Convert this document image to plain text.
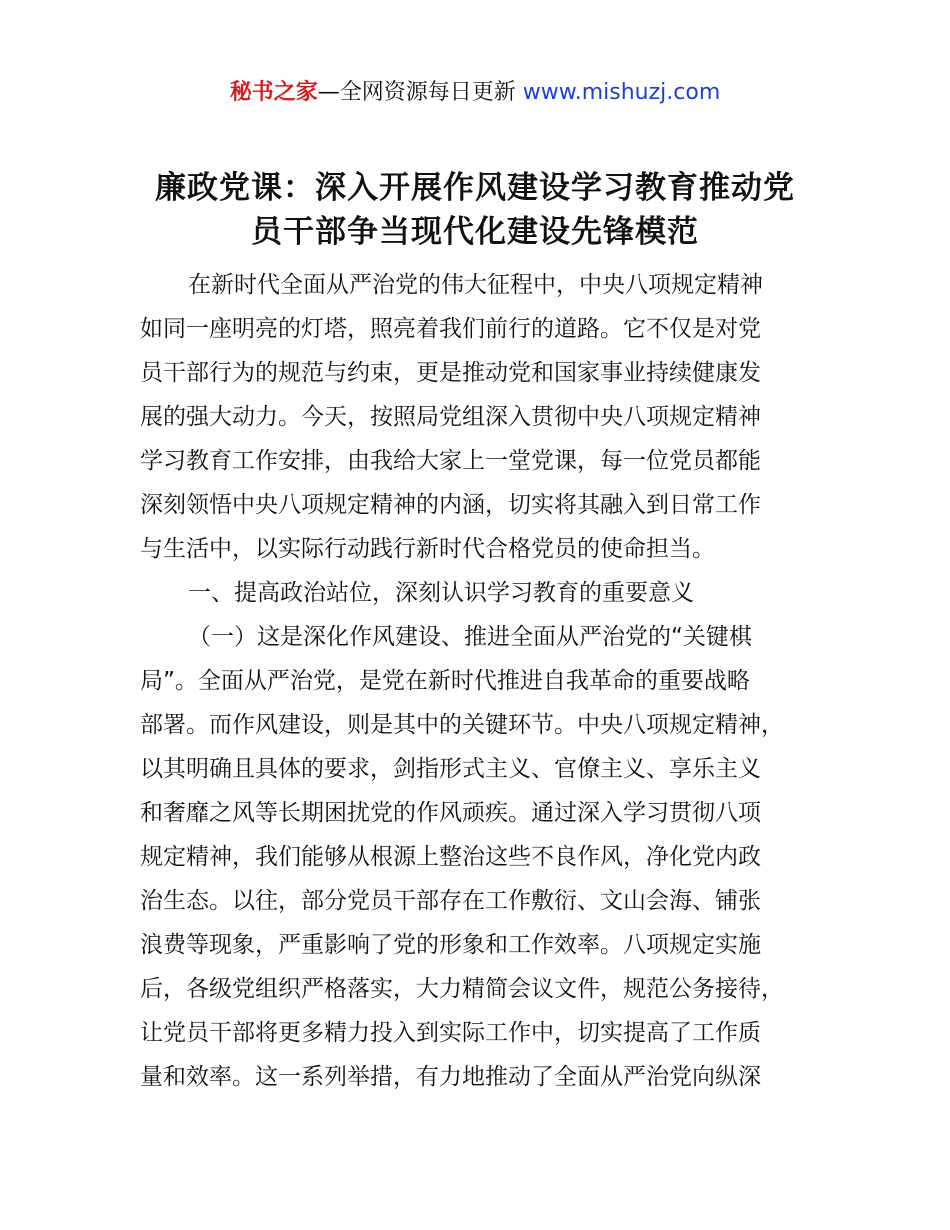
秘书之家—全网资源每日更新 www.mishuzj.com
廉政党课：深入开展作风建设学习教育推动党
员干部争当现代化建设先锋模范
在新时代全面从严治党的伟大征程中，中央八项规定精神
如同一座明亮的灯塔，照亮着我们前行的道路。它不仅是对党
员干部行为的规范与约束，更是推动党和国家事业持续健康发
展的强大动力。今天，按照局党组深入贯彻中央八项规定精神
学习教育工作安排，由我给大家上一堂党课，每一位党员都能
深刻领悟中央八项规定精神的内涵，切实将其融入到日常工作
与生活中，以实际行动践行新时代合格党员的使命担当。
一、提高政治站位，深刻认识学习教育的重要意义
（一）这是深化作风建设、推进全面从严治党的“关键棋
局”。全面从严治党，是党在新时代推进自我革命的重要战略
部署。而作风建设，则是其中的关键环节。中央八项规定精神，
以其明确且具体的要求，剑指形式主义、官僚主义、享乐主义
和奢靡之风等长期困扰党的作风顽疾。通过深入学习贯彻八项
规定精神，我们能够从根源上整治这些不良作风，净化党内政
治生态。以往，部分党员干部存在工作敷衍、文山会海、铺张
浪费等现象，严重影响了党的形象和工作效率。八项规定实施
后，各级党组织严格落实，大力精简会议文件，规范公务接待，
让党员干部将更多精力投入到实际工作中，切实提高了工作质
量和效率。这一系列举措，有力地推动了全面从严治党向纵深
